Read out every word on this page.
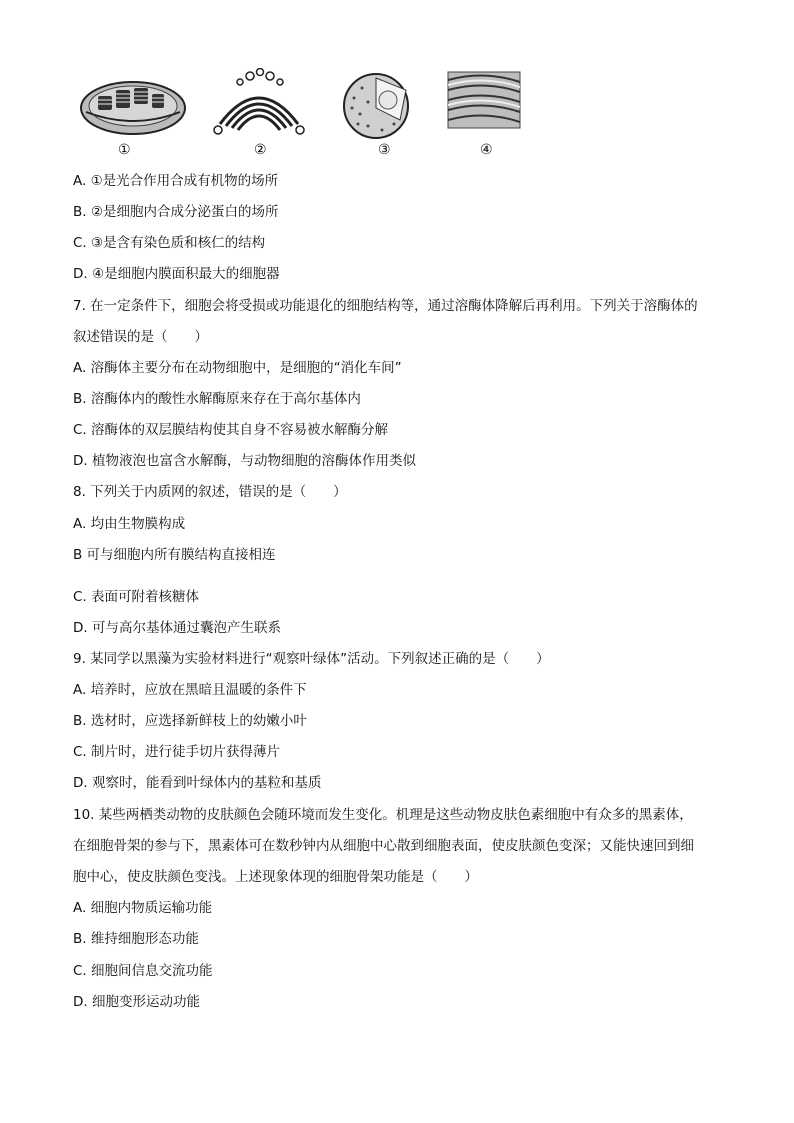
①	②	③	④
A. ①是光合作用合成有机物的场所
B. ②是细胞内合成分泌蛋白的场所
C. ③是含有染色质和核仁的结构
D. ④是细胞内膜面积最大的细胞器
7. 在一定条件下，细胞会将受损或功能退化的细胞结构等，通过溶酶体降解后再利用。下列关于溶酶体的
叙述错误的是（　　）
A. 溶酶体主要分布在动物细胞中，是细胞的“消化车间”
B. 溶酶体内的酸性水解酶原来存在于高尔基体内
C. 溶酶体的双层膜结构使其自身不容易被水解酶分解
D. 植物液泡也富含水解酶，与动物细胞的溶酶体作用类似
8. 下列关于内质网的叙述，错误的是（　　）
A. 均由生物膜构成
B 可与细胞内所有膜结构直接相连
C. 表面可附着核糖体
D. 可与高尔基体通过囊泡产生联系
9. 某同学以黑藻为实验材料进行“观察叶绿体”活动。下列叙述正确的是（　　）
A. 培养时，应放在黑暗且温暖的条件下
B. 选材时，应选择新鲜枝上的幼嫩小叶
C. 制片时，进行徒手切片获得薄片
D. 观察时，能看到叶绿体内的基粒和基质
10. 某些两栖类动物的皮肤颜色会随环境而发生变化。机理是这些动物皮肤色素细胞中有众多的黑素体，
在细胞骨架的参与下，黑素体可在数秒钟内从细胞中心散到细胞表面，使皮肤颜色变深；又能快速回到细
胞中心，使皮肤颜色变浅。上述现象体现的细胞骨架功能是（　　）
A. 细胞内物质运输功能
B. 维持细胞形态功能
C. 细胞间信息交流功能
D. 细胞变形运动功能
